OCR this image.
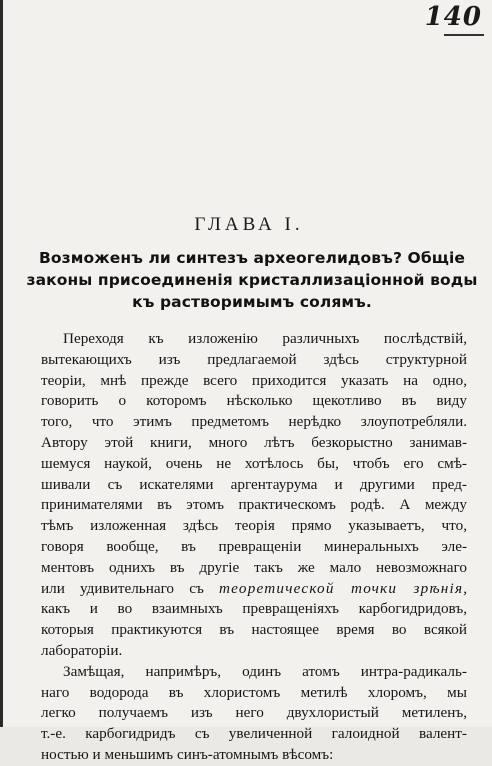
140
ГЛАВА I.
Возможенъ ли синтезъ археогелидовъ? Общіе
законы присоединенія кристаллизаціонной воды
къ растворимымъ солямъ.

Переходя къ изложенію различныхъ послѣдствій,
вытекающихъ изъ предлагаемой здѣсь структурной
теоріи, мнѣ прежде всего приходится указать на одно,
говорить о которомъ нѣсколько щекотливо въ виду
того, что этимъ предметомъ нерѣдко злоупотребляли.
Автору этой книги, много лѣтъ безкорыстно занимав-
шемуся наукой, очень не хотѣлось бы, чтобъ его смѣ-
шивали съ искателями аргентаурума и другими пред-
принимателями въ этомъ практическомъ родѣ. А между
тѣмъ изложенная здѣсь теорія прямо указываетъ, что,
говоря вообще, въ превращеніи минеральныхъ эле-
ментовъ однихъ въ другіе такъ же мало невозможнаго
или удивительнаго съ теоретической точки зрѣнія,
какъ и во взаимныхъ превращеніяхъ карбогидридовъ,
которыя практикуются въ настоящее время во всякой
лабораторіи.

Замѣщая, напримѣръ, одинъ атомъ интра-радикаль-
наго водорода въ хлористомъ метилѣ хлоромъ, мы
легко получаемъ изъ него двухлористый метиленъ,
т.-е. карбогидридъ съ увеличенной галоидной валент-
ностью и меньшимъ синъ-атомнымъ вѣсомъ:
